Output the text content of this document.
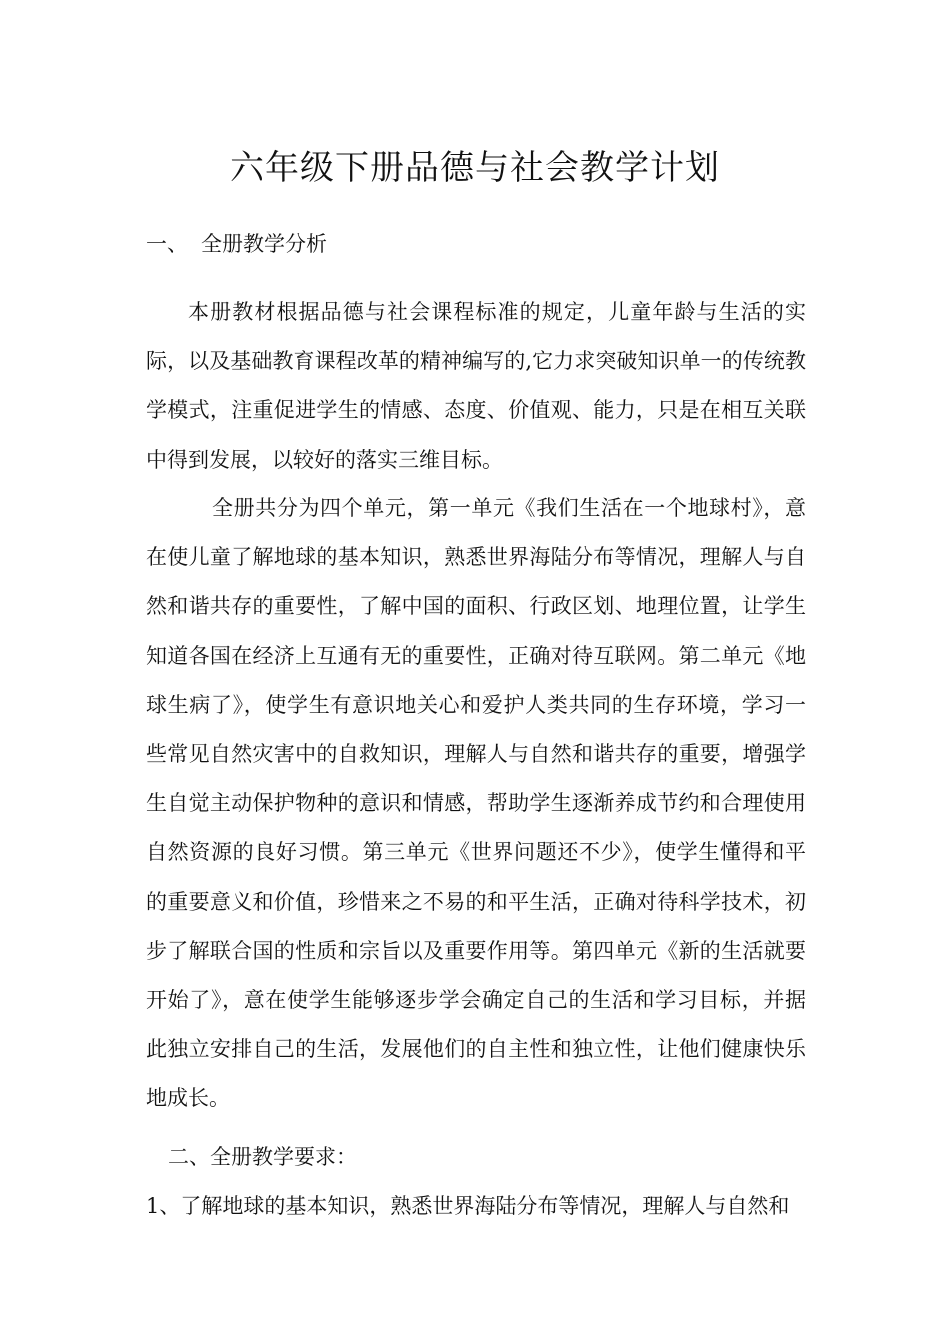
六年级下册品德与社会教学计划
一、 全册教学分析

本册教材根据品德与社会课程标准的规定，儿童年龄与生活的实际，以及基础教育课程改革的精神编写的,它力求突破知识单一的传统教学模式，注重促进学生的情感、态度、价值观、能力，只是在相互关联中得到发展，以较好的落实三维目标。

全册共分为四个单元，第一单元《我们生活在一个地球村》，意在使儿童了解地球的基本知识，熟悉世界海陆分布等情况，理解人与自然和谐共存的重要性，了解中国的面积、行政区划、地理位置，让学生知道各国在经济上互通有无的重要性，正确对待互联网。第二单元《地球生病了》，使学生有意识地关心和爱护人类共同的生存环境，学习一些常见自然灾害中的自救知识，理解人与自然和谐共存的重要，增强学生自觉主动保护物种的意识和情感，帮助学生逐渐养成节约和合理使用自然资源的良好习惯。第三单元《世界问题还不少》，使学生懂得和平的重要意义和价值，珍惜来之不易的和平生活，正确对待科学技术，初步了解联合国的性质和宗旨以及重要作用等。第四单元《新的生活就要开始了》，意在使学生能够逐步学会确定自己的生活和学习目标，并据此独立安排自己的生活，发展他们的自主性和独立性，让他们健康快乐地成长。

二、全册教学要求：

1、了解地球的基本知识，熟悉世界海陆分布等情况，理解人与自然和
